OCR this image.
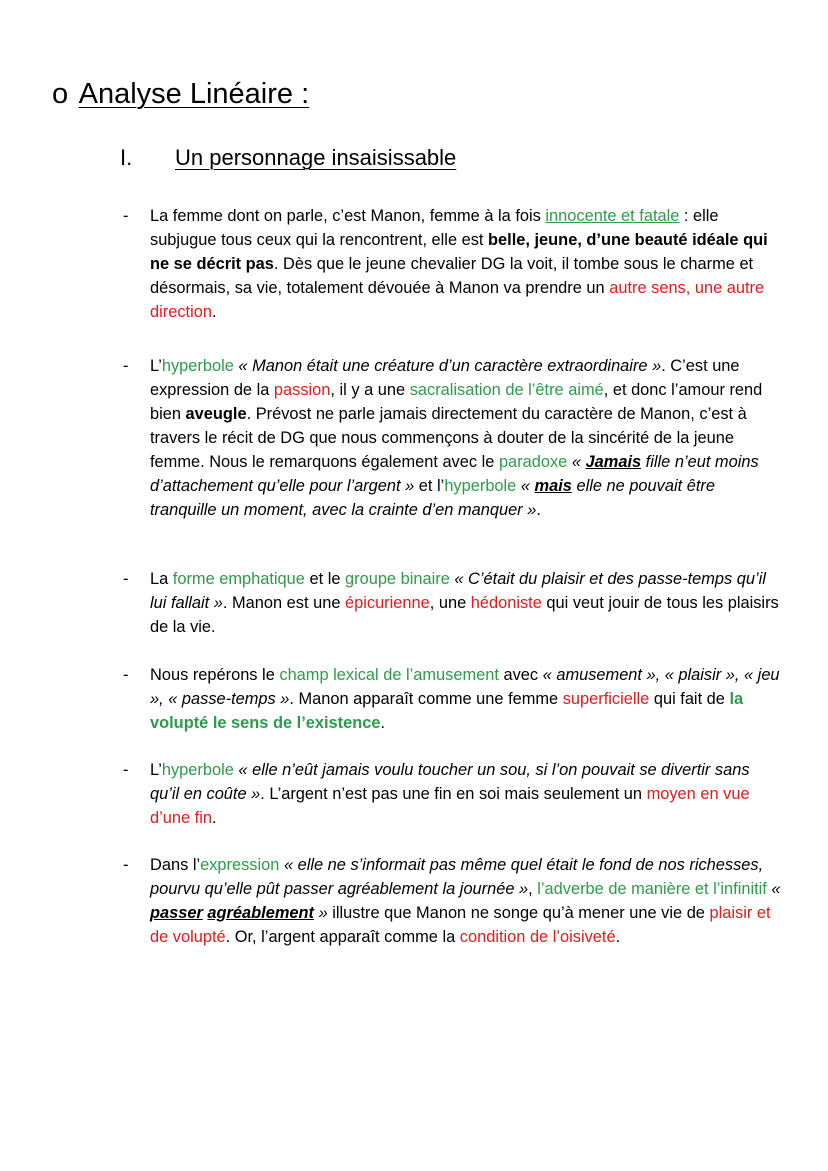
o Analyse Linéaire :
I. Un personnage insaisissable
- La femme dont on parle, c’est Manon, femme à la fois innocente et fatale : elle subjugue tous ceux qui la rencontrent, elle est belle, jeune, d’une beauté idéale qui ne se décrit pas. Dès que le jeune chevalier DG la voit, il tombe sous le charme et désormais, sa vie, totalement dévouée à Manon va prendre un autre sens, une autre direction.
- L’hyperbole « Manon était une créature d’un caractère extraordinaire ». C’est une expression de la passion, il y a une sacralisation de l’être aimé, et donc l’amour rend bien aveugle. Prévost ne parle jamais directement du caractère de Manon, c’est à travers le récit de DG que nous commençons à douter de la sincérité de la jeune femme. Nous le remarquons également avec le paradoxe « Jamais fille n’eut moins d’attachement qu’elle pour l’argent » et l’hyperbole « mais elle ne pouvait être tranquille un moment, avec la crainte d’en manquer ».
- La forme emphatique et le groupe binaire « C’était du plaisir et des passe-temps qu’il lui fallait ». Manon est une épicurienne, une hédoniste qui veut jouir de tous les plaisirs de la vie.
- Nous repérons le champ lexical de l’amusement avec « amusement », « plaisir », « jeu », « passe-temps ». Manon apparaît comme une femme superficielle qui fait de la volupté le sens de l’existence.
- L’hyperbole « elle n’eût jamais voulu toucher un sou, si l’on pouvait se divertir sans qu’il en coûte ». L’argent n’est pas une fin en soi mais seulement un moyen en vue d’une fin.
- Dans l’expression « elle ne s’informait pas même quel était le fond de nos richesses, pourvu qu’elle pût passer agréablement la journée », l’adverbe de manière et l’infinitif « passer agréablement » illustre que Manon ne songe qu’à mener une vie de plaisir et de volupté. Or, l’argent apparaît comme la condition de l’oisiveté.
